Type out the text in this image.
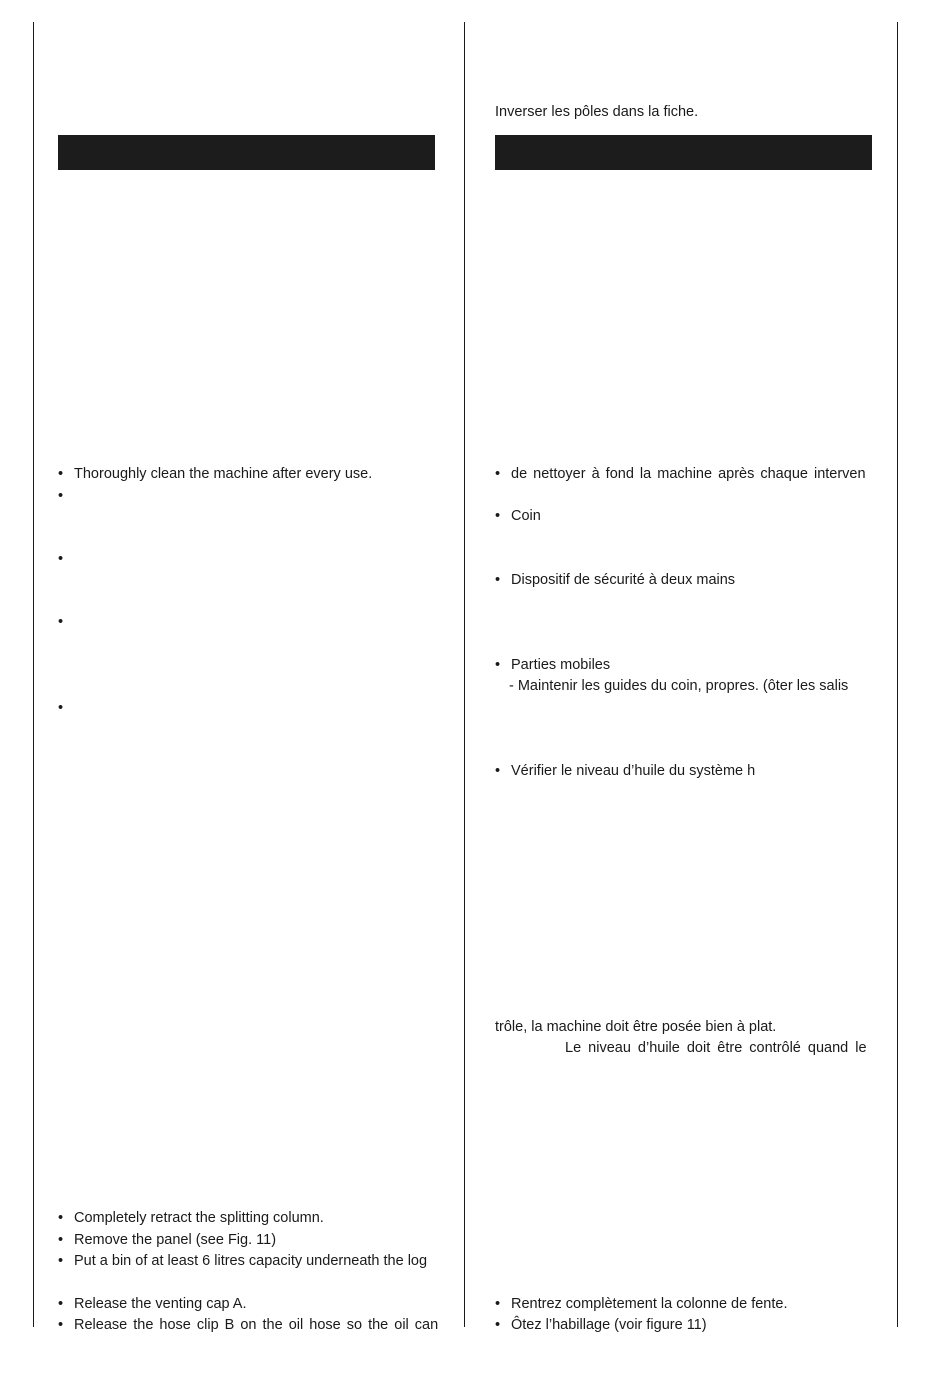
Inverser les pôles dans la fiche.
• Thoroughly clean the machine after every use.
•
•
•
•
• Completely retract the splitting column.
• Remove the panel (see Fig. 11)
• Put a bin of at least 6 litres capacity underneath the log
• Release the venting cap A.
• Release the hose clip B on the oil hose so the oil can
• de nettoyer à fond la machine après chaque interven
• Coin
• Dispositif de sécurité à deux mains
• Parties mobiles
- Maintenir les guides du coin, propres. (ôter les salis
• Vérifier le niveau d’huile du système h
trôle, la machine doit être posée bien à plat.
Le niveau d’huile doit être contrôlé quand le
• Rentrez complètement la colonne de fente.
• Ôtez l’habillage (voir figure 11)
